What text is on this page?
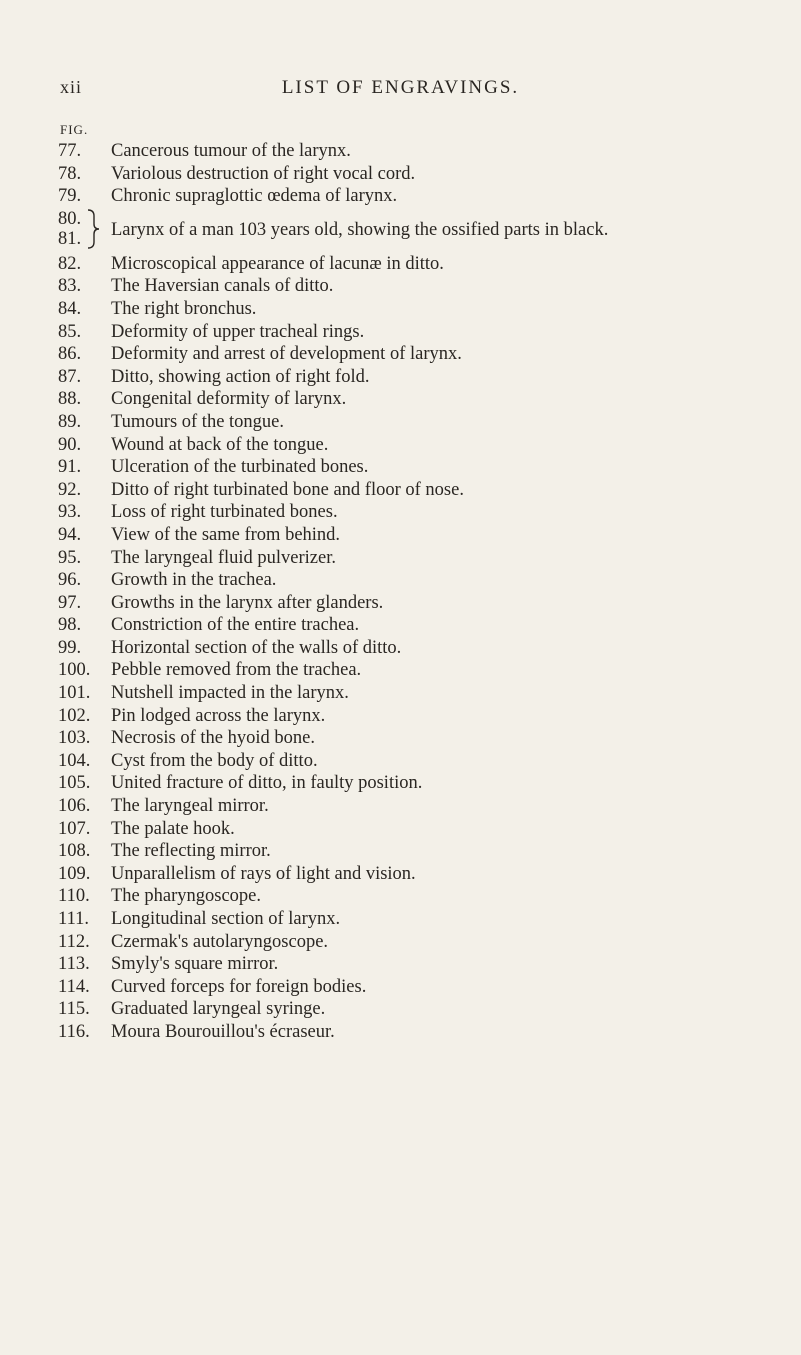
xii	LIST OF ENGRAVINGS.
FIG.
77.	Cancerous tumour of the larynx.
78.	Variolous destruction of right vocal cord.
79.	Chronic supraglottic œdema of larynx.
80.
81. Larynx of a man 103 years old, showing the ossified parts in black.
82.	Microscopical appearance of lacunæ in ditto.
83.	The Haversian canals of ditto.
84.	The right bronchus.
85.	Deformity of upper tracheal rings.
86.	Deformity and arrest of development of larynx.
87.	Ditto, showing action of right fold.
88.	Congenital deformity of larynx.
89.	Tumours of the tongue.
90.	Wound at back of the tongue.
91.	Ulceration of the turbinated bones.
92.	Ditto of right turbinated bone and floor of nose.
93.	Loss of right turbinated bones.
94.	View of the same from behind.
95.	The laryngeal fluid pulverizer.
96.	Growth in the trachea.
97.	Growths in the larynx after glanders.
98.	Constriction of the entire trachea.
99.	Horizontal section of the walls of ditto.
100.	Pebble removed from the trachea.
101.	Nutshell impacted in the larynx.
102.	Pin lodged across the larynx.
103.	Necrosis of the hyoid bone.
104.	Cyst from the body of ditto.
105.	United fracture of ditto, in faulty position.
106.	The laryngeal mirror.
107.	The palate hook.
108.	The reflecting mirror.
109.	Unparallelism of rays of light and vision.
110.	The pharyngoscope.
111.	Longitudinal section of larynx.
112.	Czermak's autolaryngoscope.
113.	Smyly's square mirror.
114.	Curved forceps for foreign bodies.
115.	Graduated laryngeal syringe.
116.	Moura Bourouillou's écraseur.
